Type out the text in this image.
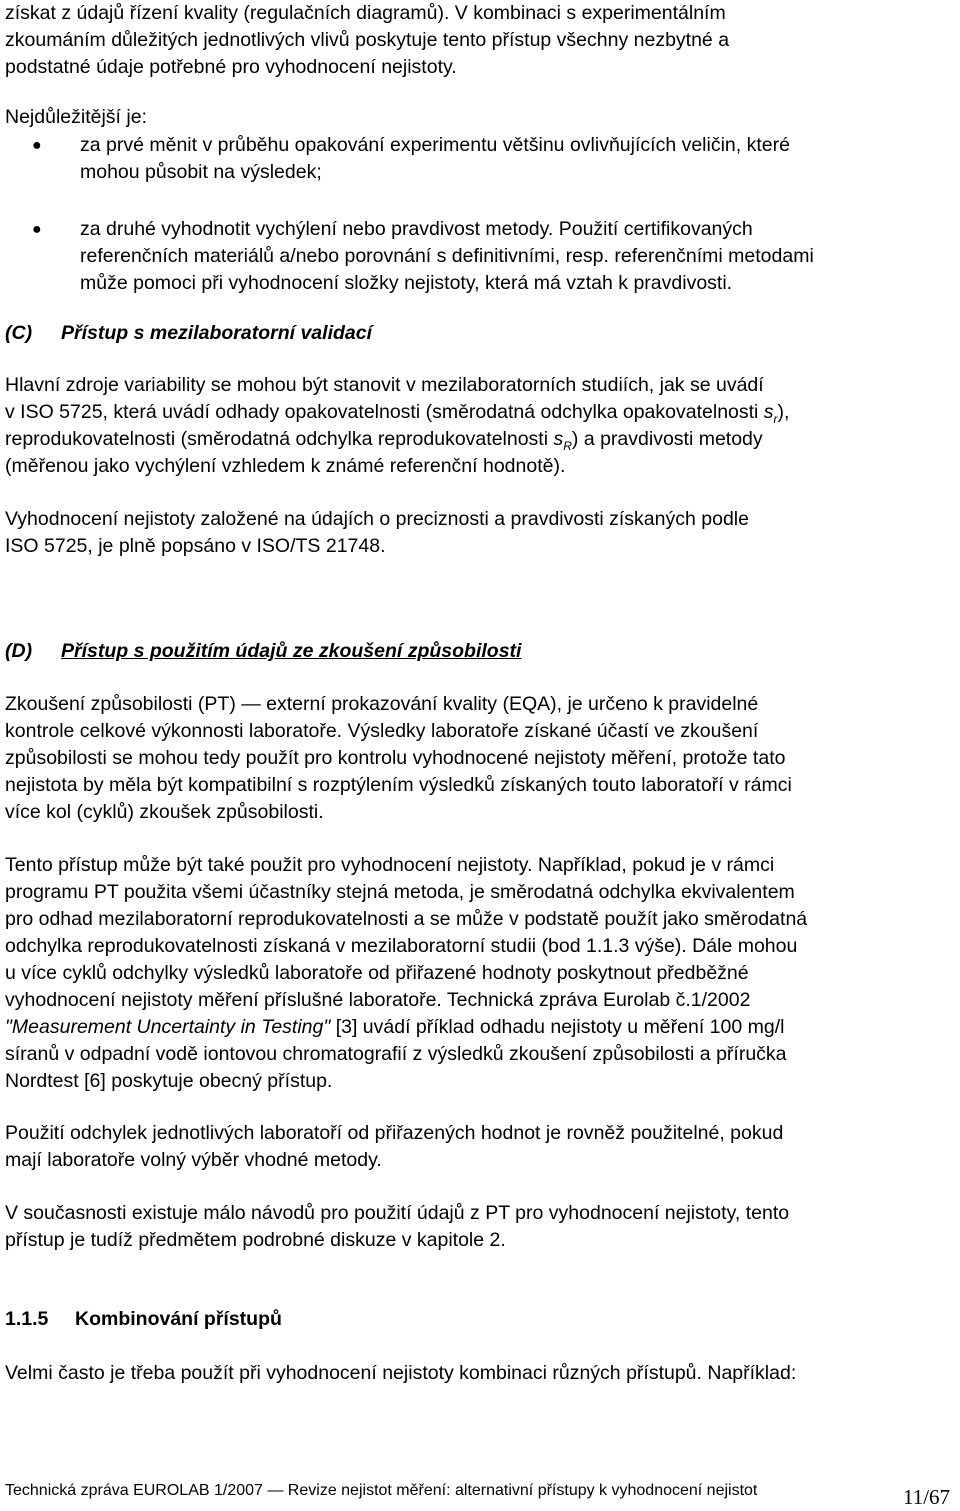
získat z údajů řízení kvality (regulačních diagramů). V kombinaci s experimentálním
zkoumáním důležitých jednotlivých vlivů poskytuje tento přístup všechny nezbytné a
podstatné údaje potřebné pro vyhodnocení nejistoty.

Nejdůležitější je:

● za prvé měnit v průběhu opakování experimentu většinu ovlivňujících veličin, které
mohou působit na výsledek;

● za druhé vyhodnotit vychýlení nebo pravdivost metody. Použití certifikovaných
referenčních materiálů a/nebo porovnání s definitivními, resp. referenčními metodami
může pomoci při vyhodnocení složky nejistoty, která má vztah k pravdivosti.

(C) Přístup s mezilaboratorní validací

Hlavní zdroje variability se mohou být stanovit v mezilaboratorních studiích, jak se uvádí
v ISO 5725, která uvádí odhady opakovatelnosti (směrodatná odchylka opakovatelnosti $s_r$),
reprodukovatelnosti (směrodatná odchylka reprodukovatelnosti $s_R$) a pravdivosti metody
(měřenou jako vychýlení vzhledem k známé referenční hodnotě).

Vyhodnocení nejistoty založené na údajích o preciznosti a pravdivosti získaných podle
ISO 5725, je plně popsáno v ISO/TS 21748.

(D) Přístup s použitím údajů ze zkoušení způsobilosti

Zkoušení způsobilosti (PT) — externí prokazování kvality (EQA), je určeno k pravidelné
kontrole celkové výkonnosti laboratoře. Výsledky laboratoře získané účastí ve zkoušení
způsobilosti se mohou tedy použít pro kontrolu vyhodnocené nejistoty měření, protože tato
nejistota by měla být kompatibilní s rozptýlením výsledků získaných touto laboratoří v rámci
více kol (cyklů) zkoušek způsobilosti.

Tento přístup může být také použit pro vyhodnocení nejistoty. Například, pokud je v rámci
programu PT použita všemi účastníky stejná metoda, je směrodatná odchylka ekvivalentem
pro odhad mezilaboratorní reprodukovatelnosti a se může v podstatě použít jako směrodatná
odchylka reprodukovatelnosti získaná v mezilaboratorní studii (bod 1.1.3 výše). Dále mohou
u více cyklů odchylky výsledků laboratoře od přiřazené hodnoty poskytnout předběžné
vyhodnocení nejistoty měření příslušné laboratoře. Technická zpráva Eurolab č.1/2002
"Measurement Uncertainty in Testing" [3] uvádí příklad odhadu nejistoty u měření 100 mg/l
síranů v odpadní vodě iontovou chromatografií z výsledků zkoušení způsobilosti a příručka
Nordtest [6] poskytuje obecný přístup.

Použití odchylek jednotlivých laboratoří od přiřazených hodnot je rovněž použitelné, pokud
mají laboratoře volný výběr vhodné metody.

V současnosti existuje málo návodů pro použití údajů z PT pro vyhodnocení nejistoty, tento
přístup je tudíž předmětem podrobné diskuze v kapitole 2.

1.1.5 Kombinování přístupů

Velmi často je třeba použít při vyhodnocení nejistoty kombinaci různých přístupů. Například:

Technická zpráva EUROLAB 1/2007 — Revize nejistot měření: alternativní přístupy k vyhodnocení nejistot	11/67
